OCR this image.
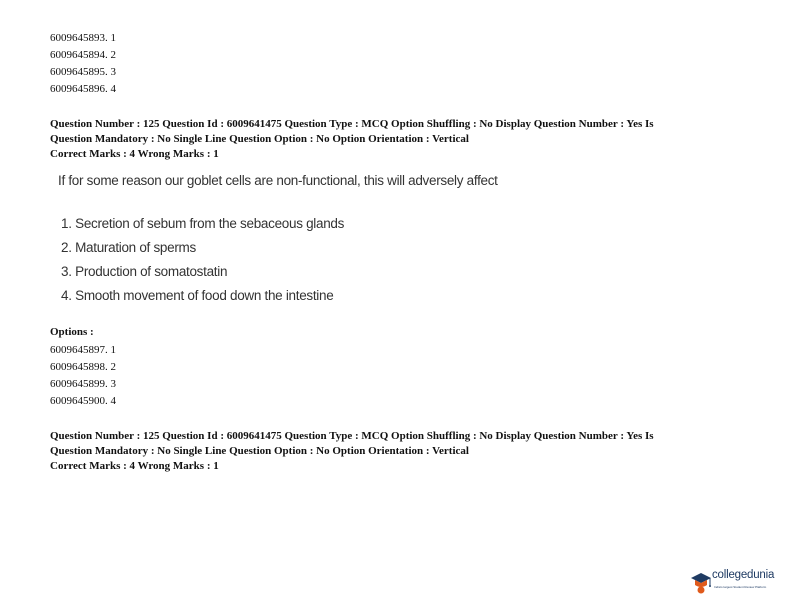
6009645893. 1
6009645894. 2
6009645895. 3
6009645896. 4
Question Number : 125 Question Id : 6009641475 Question Type : MCQ Option Shuffling : No Display Question Number : Yes Is
Question Mandatory : No Single Line Question Option : No Option Orientation : Vertical
Correct Marks : 4 Wrong Marks : 1
If for some reason our goblet cells are non-functional, this will adversely affect
1. Secretion of sebum from the sebaceous glands
2. Maturation of sperms
3. Production of somatostatin
4. Smooth movement of food down the intestine
Options :
6009645897. 1
6009645898. 2
6009645899. 3
6009645900. 4
Question Number : 125 Question Id : 6009641475 Question Type : MCQ Option Shuffling : No Display Question Number : Yes Is
Question Mandatory : No Single Line Question Option : No Option Orientation : Vertical
Correct Marks : 4 Wrong Marks : 1
collegedunia
India's largest Student Review Platform
